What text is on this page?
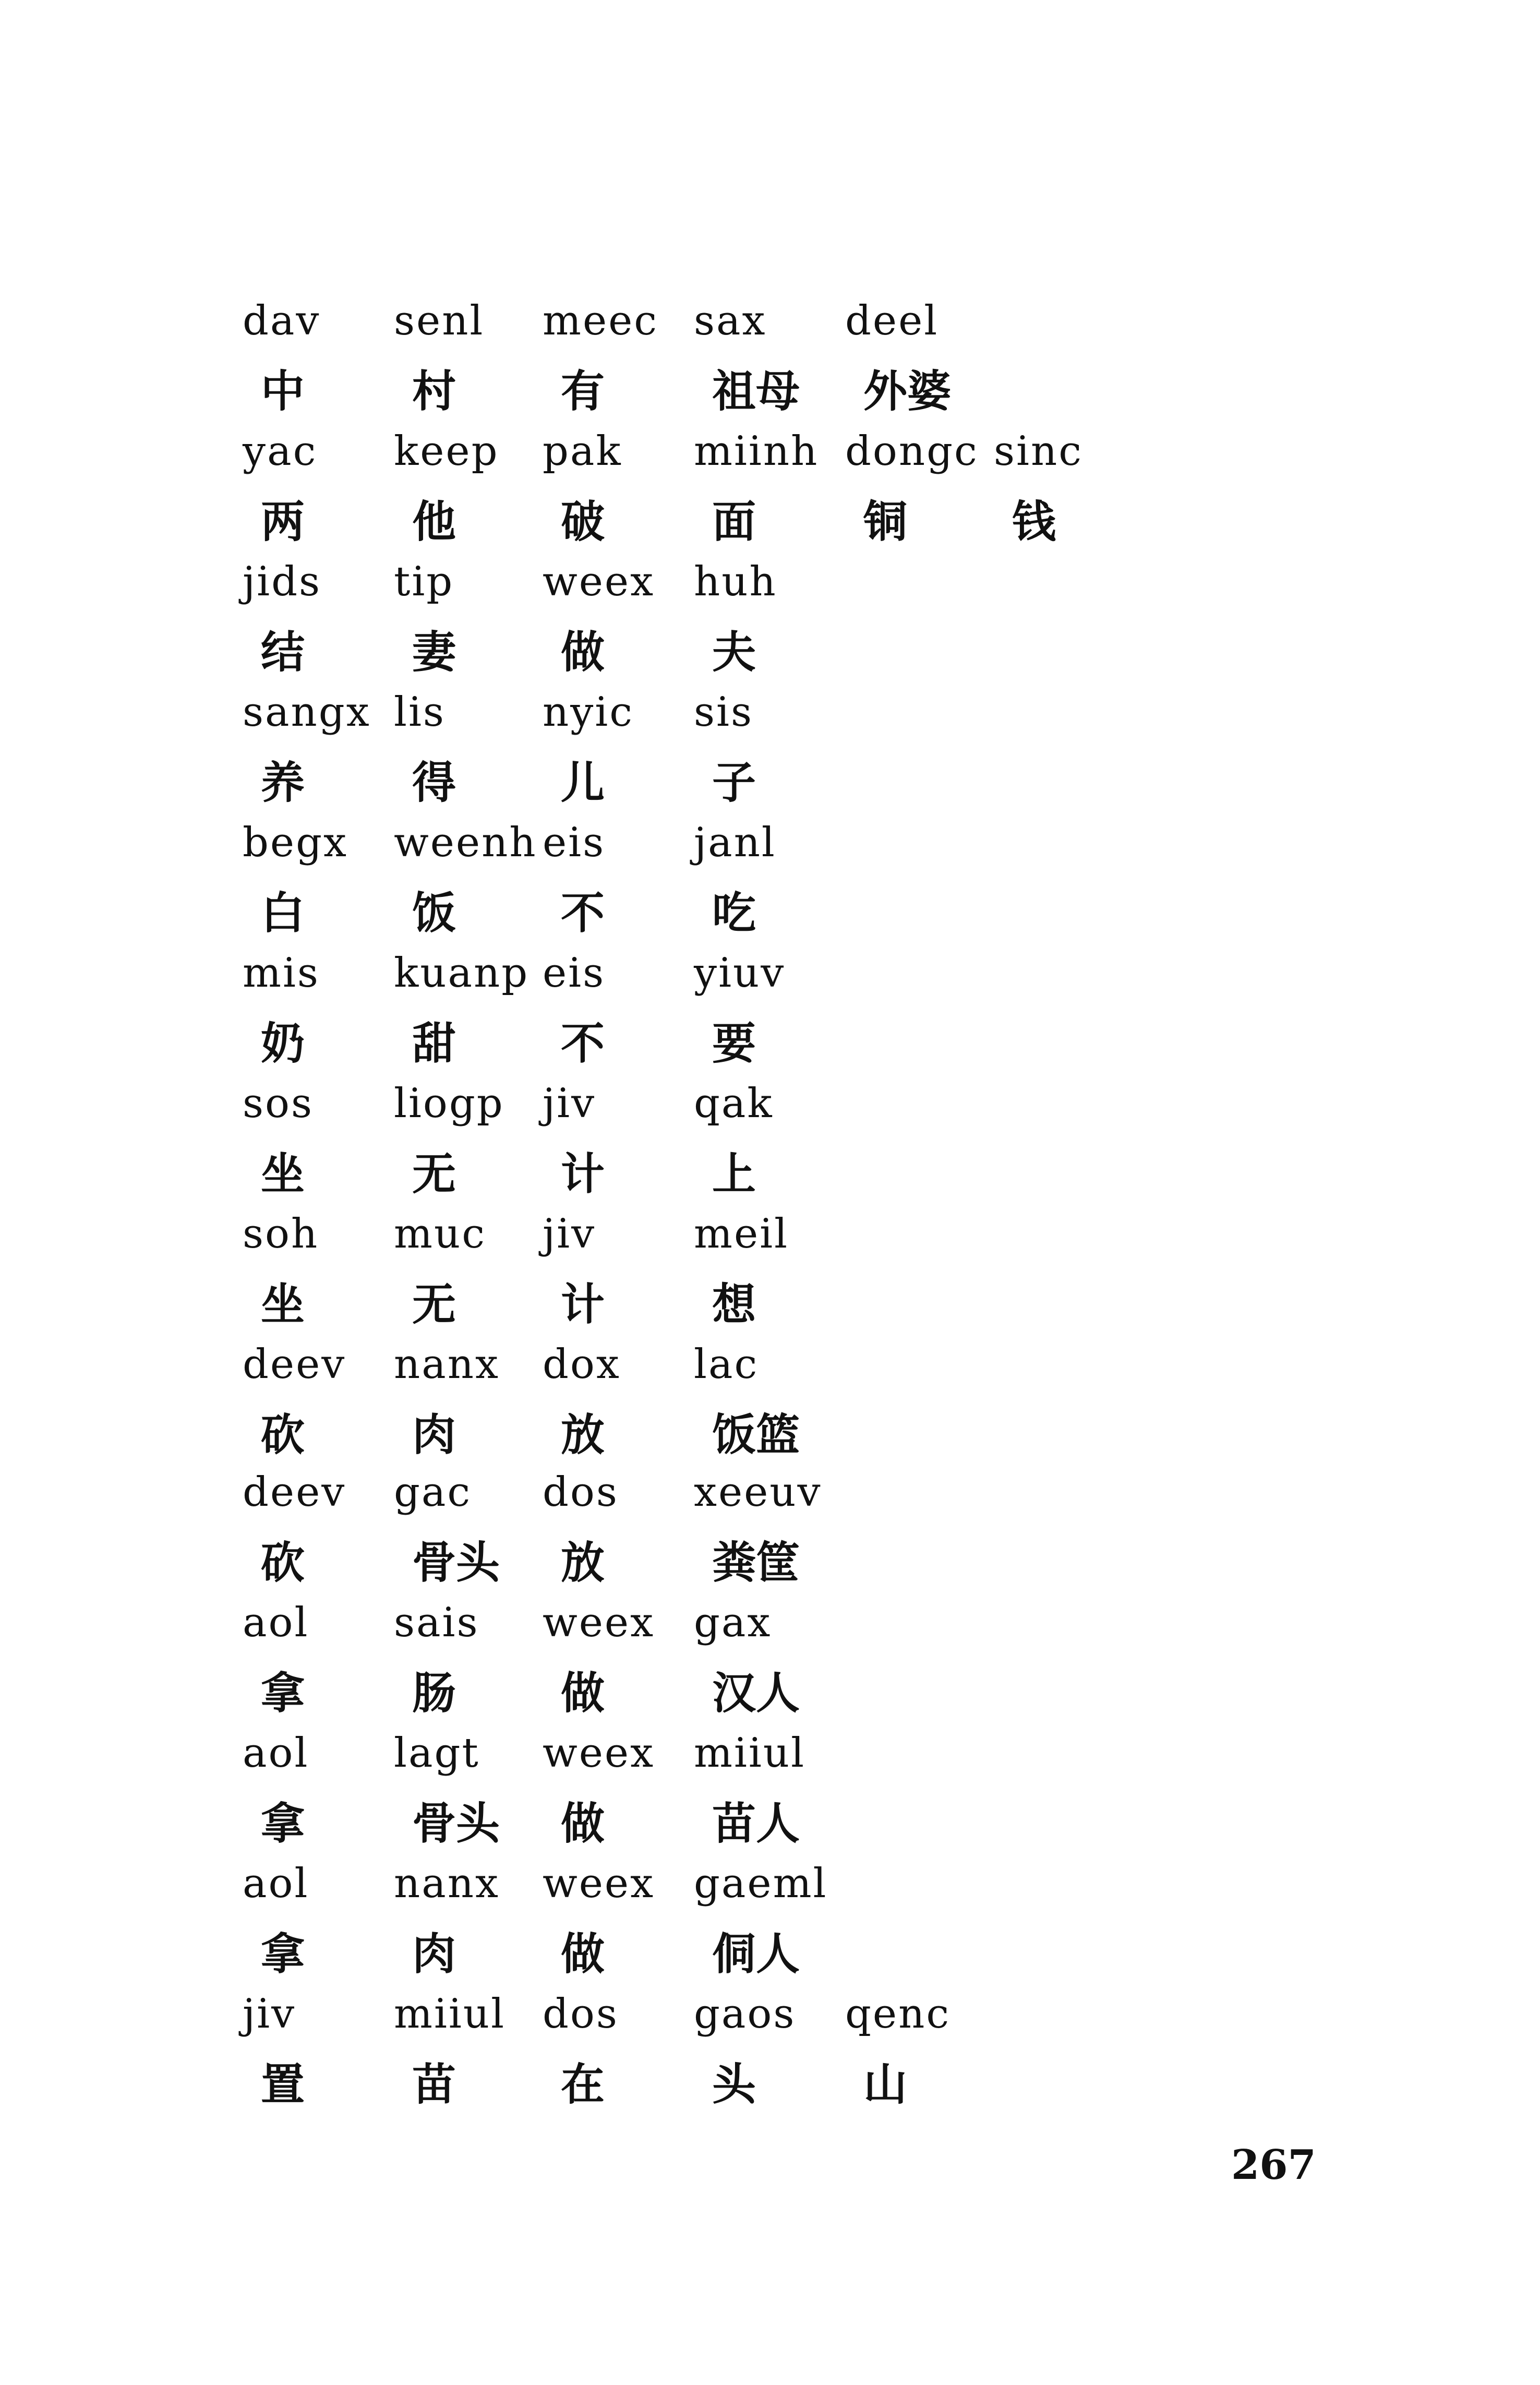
dav senl meec sax deel
中 村 有 祖母 外婆
yac keep pak miinh dongc sinc
两 他 破 面 铜 钱
jids tip weex huh
结 妻 做 夫
sangx lis nyic sis
养 得 儿 子
begx weenh eis janl
白 饭 不 吃
mis kuanp eis yiuv
奶 甜 不 要
sos liogp jiv qak
坐 无 计 上
soh muc jiv meil
坐 无 计 想
deev nanx dox lac
砍 肉 放 饭篮
deev gac dos xeeuv
砍 骨头 放 粪筐
aol sais weex gax
拿 肠 做 汉人
aol lagt weex miiul
拿 骨头 做 苗人
aol nanx weex gaeml
拿 肉 做 侗人
jiv miiul dos gaos qenc
置 苗 在 头 山
267
